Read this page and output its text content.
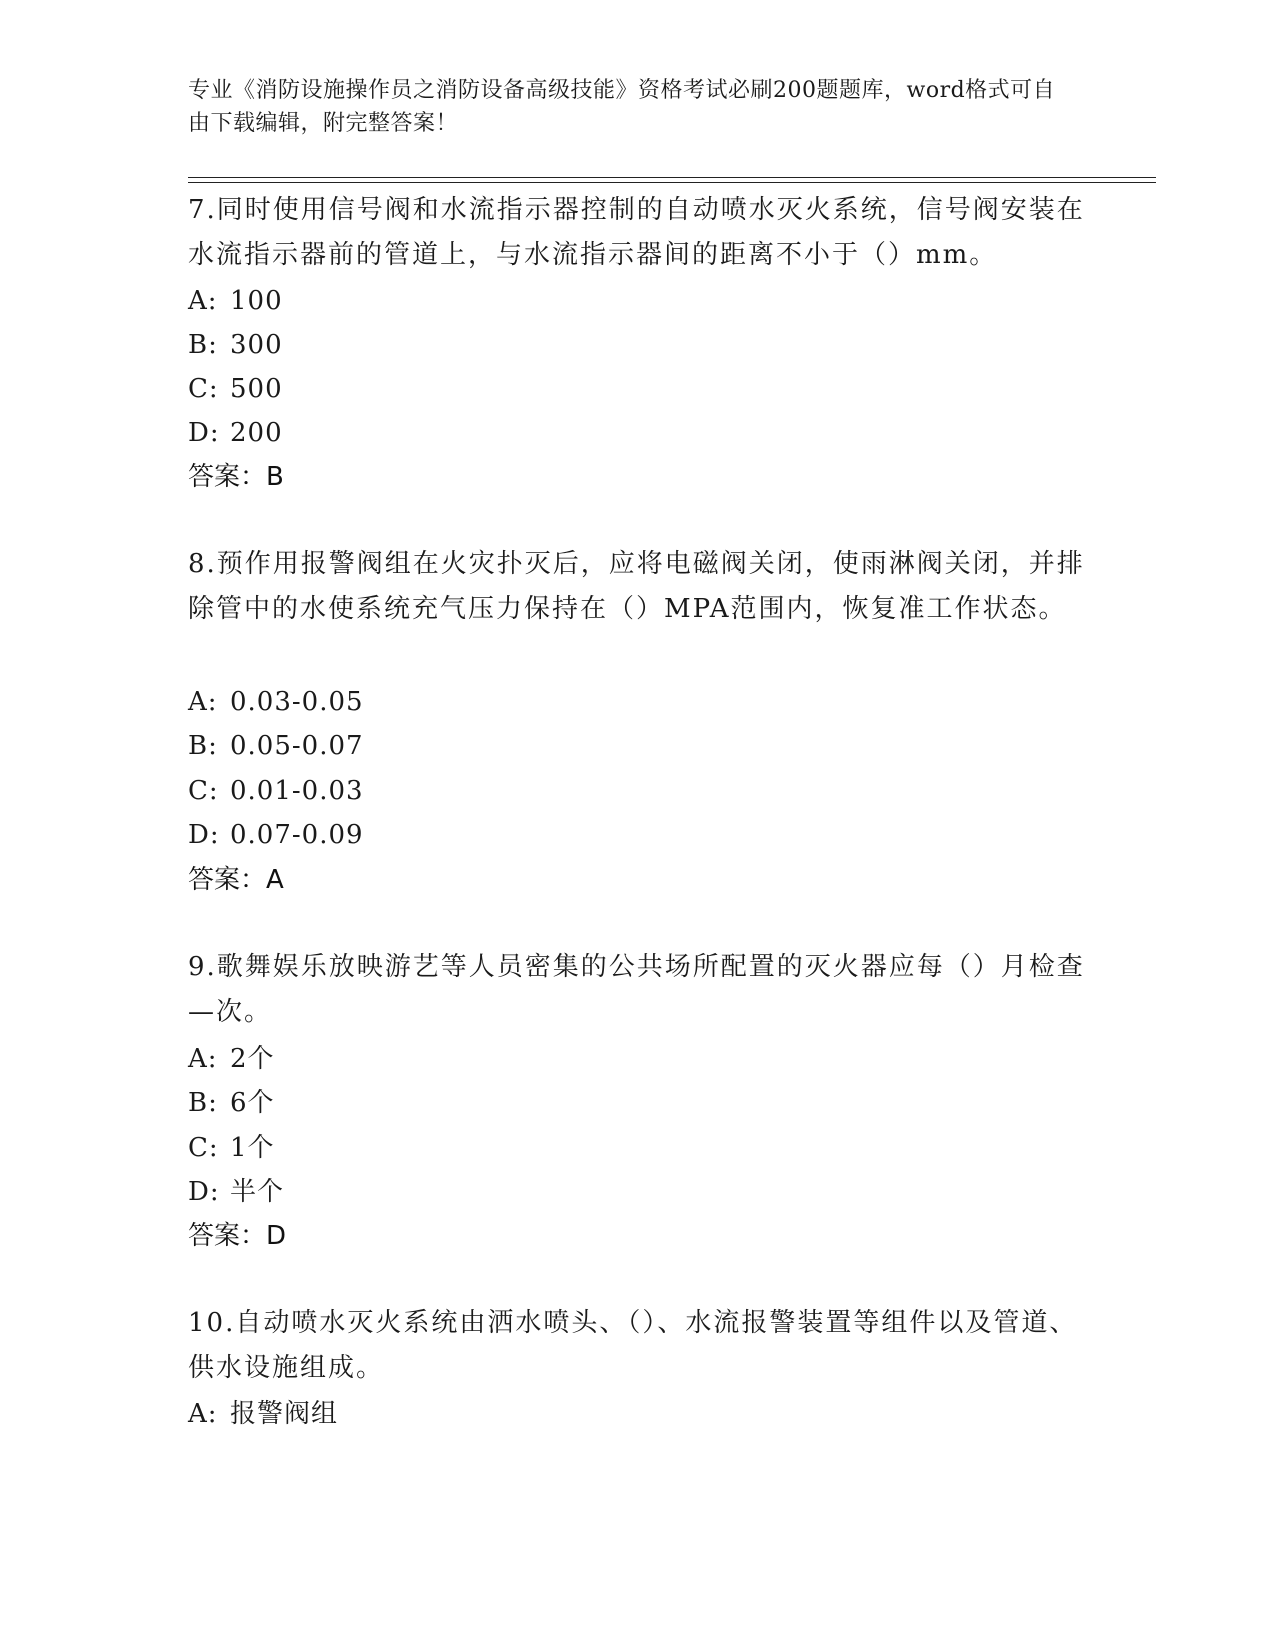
专业《消防设施操作员之消防设备高级技能》资格考试必刷200题题库，word格式可自由下载编辑，附完整答案！
7.同时使用信号阀和水流指示器控制的自动喷水灭火系统，信号阀安装在水流指示器前的管道上，与水流指示器间的距离不小于（）mm。
A: 100
B: 300
C: 500
D: 200
答案：B
8.预作用报警阀组在火灾扑灭后，应将电磁阀关闭，使雨淋阀关闭，并排除管中的水使系统充气压力保持在（）MPA范围内，恢复准工作状态。
A: 0.03-0.05
B: 0.05-0.07
C: 0.01-0.03
D: 0.07-0.09
答案：A
9.歌舞娱乐放映游艺等人员密集的公共场所配置的灭火器应每（）月检查—次。
A: 2个
B: 6个
C: 1个
D: 半个
答案：D
10.自动喷水灭火系统由洒水喷头、（）、水流报警装置等组件以及管道、供水设施组成。
A: 报警阀组
